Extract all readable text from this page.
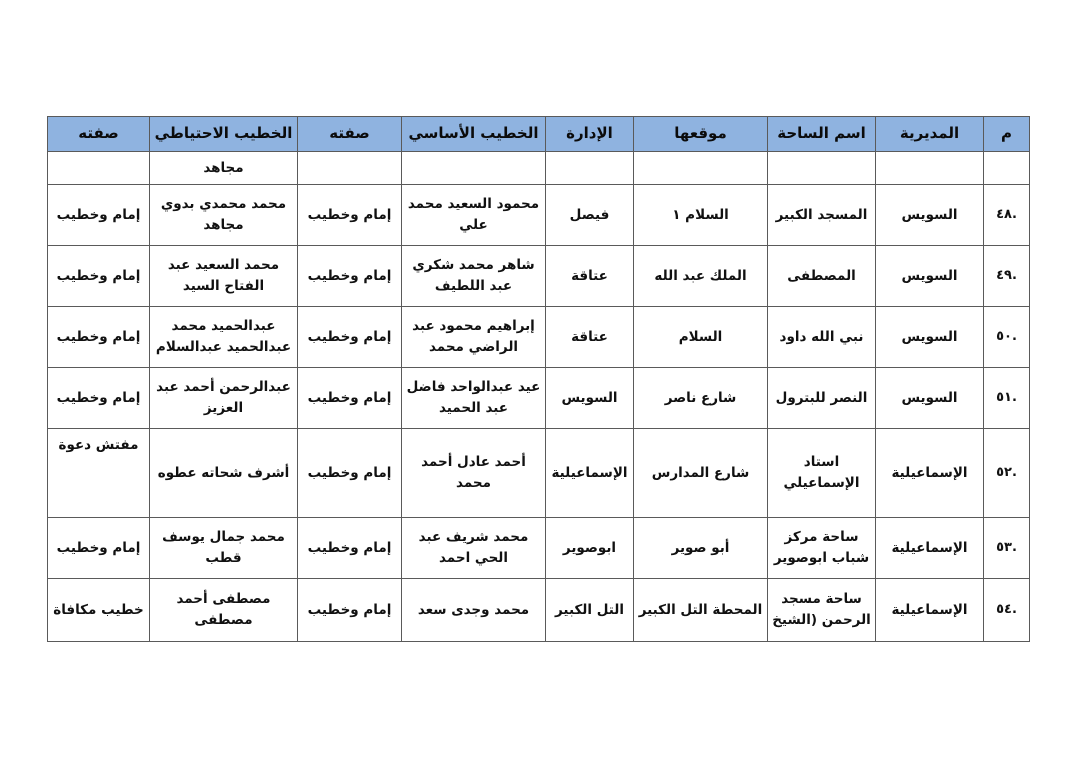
م	المديرية	اسم الساحة	موقعها	الإدارة	الخطيب الأساسي	صفته	الخطيب الاحتياطي	صفته
							مجاهد	
.٤٨	السويس	المسجد الكبير	السلام ١	فيصل	محمود السعيد محمد علي	إمام وخطيب	محمد محمدي بدوي مجاهد	إمام وخطيب
.٤٩	السويس	المصطفى	الملك عبد الله	عتاقة	شاهر محمد شكري عبد اللطيف	إمام وخطيب	محمد السعيد عبد الفتاح السيد	إمام وخطيب
.٥٠	السويس	نبي الله داود	السلام	عتاقة	إبراهيم محمود عبد الراضي محمد	إمام وخطيب	عبدالحميد محمد عبدالحميد عبدالسلام	إمام وخطيب
.٥١	السويس	النصر للبترول	شارع ناصر	السويس	عيد عبدالواحد فاضل عبد الحميد	إمام وخطيب	عبدالرحمن أحمد عبد العزيز	إمام وخطيب
.٥٢	الإسماعيلية	استاد الإسماعيلي	شارع المدارس	الإسماعيلية	أحمد عادل أحمد محمد	إمام وخطيب	أشرف شحاته عطوه	مفتش دعوة
.٥٣	الإسماعيلية	ساحة مركز شباب ابوصوير	أبو صوير	ابوصوير	محمد شريف عبد الحي احمد	إمام وخطيب	محمد جمال يوسف قطب	إمام وخطيب
.٥٤	الإسماعيلية	ساحة مسجد الرحمن (الشيخ	المحطة التل الكبير	التل الكبير	محمد وجدى سعد	إمام وخطيب	مصطفى أحمد مصطفى	خطيب مكافاة
